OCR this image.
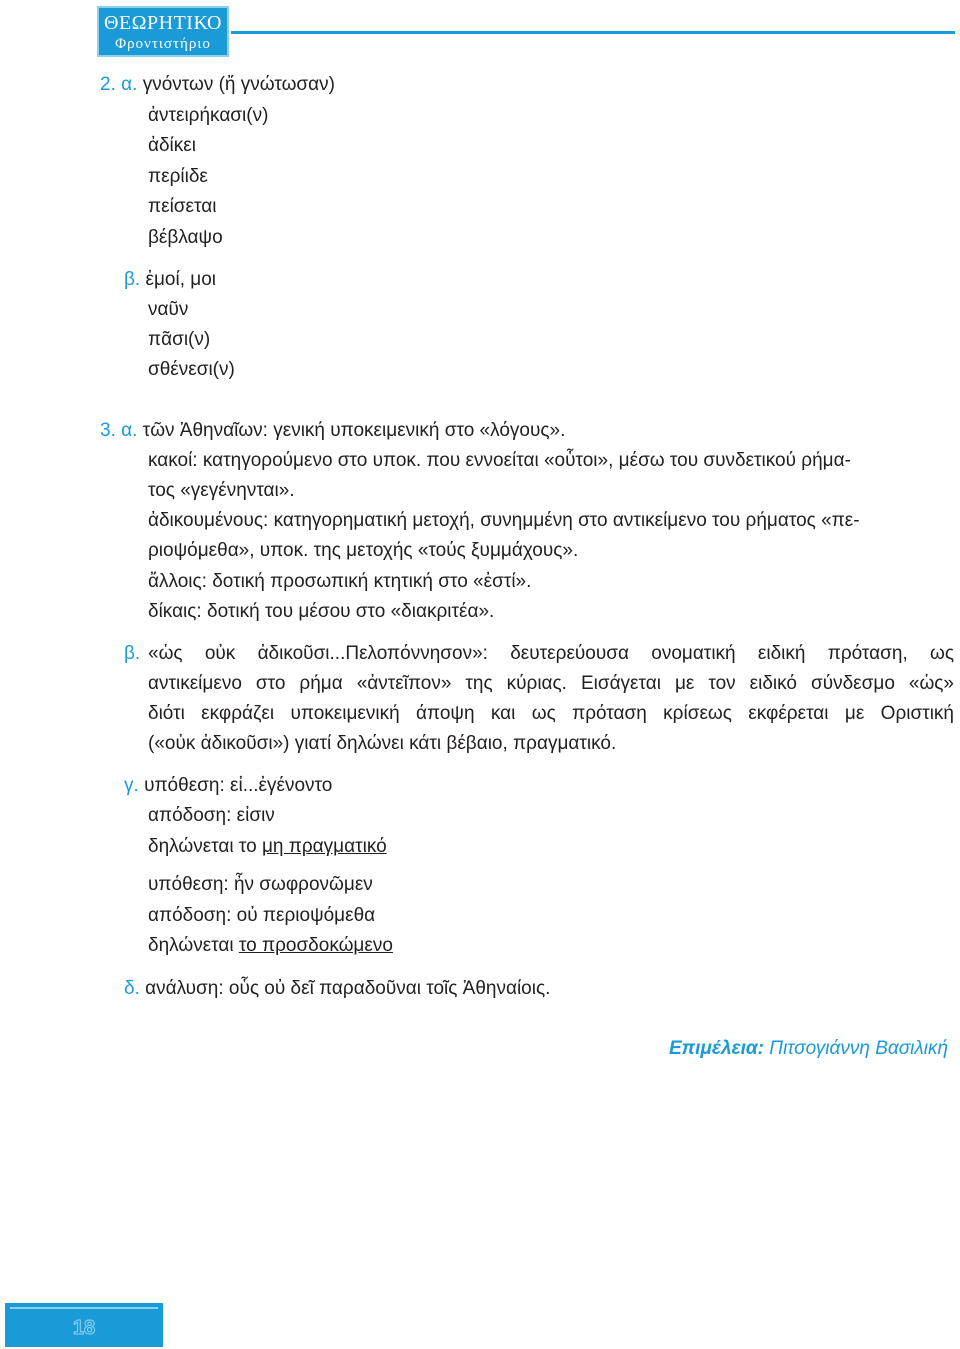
ΘΕΩΡΗΤΙΚΟ
Φροντιστήριο
2. α. γνόντων (ἤ γνώτωσαν)
ἀντειρήκασι(ν)
ἀδίκει
περίιδε
πείσεται
βέβλαψο
β. ἐμοί, μοι
ναῦν
πᾶσι(ν)
σθένεσι(ν)
3. α. τῶν Ἀθηναῖων: γενική υποκειμενική στο «λόγους».
κακοί: κατηγορούμενο στο υποκ. που εννοείται «οὗτοι», μέσω του συνδετικού ρήμα-
τος «γεγένηνται».
ἀδικουμένους: κατηγορηματική μετοχή, συνημμένη στο αντικείμενο του ρήματος «πε-
ριοψόμεθα», υποκ. της μετοχής «τούς ξυμμάχους».
ἄλλοις: δοτική προσωπική κτητική στο «ἐστί».
δίκαις: δοτική του μέσου στο «διακριτέα».
β. «ὡς οὐκ ἀδικοῦσι...Πελοπόννησον»: δευτερεύουσα ονοματική ειδική πρόταση, ως
αντικείμενο στο ρήμα «ἀντεῖπον» της κύριας. Εισάγεται με τον ειδικό σύνδεσμο «ὡς»
διότι εκφράζει υποκειμενική άποψη και ως πρόταση κρίσεως εκφέρεται με Οριστική
(«οὐκ ἀδικοῦσι») γιατί δηλώνει κάτι βέβαιο, πραγματικό.
γ. υπόθεση: εἰ...ἐγένοντο
απόδοση: εἰσιν
δηλώνεται το μη πραγματικό
υπόθεση: ἦν σωφρονῶμεν
απόδοση: οὐ περιοψόμεθα
δηλώνεται το προσδοκώμενο
δ. ανάλυση: οὗς οὐ δεῖ παραδοῦναι τοῖς Ἀθηναίοις.
Επιμέλεια: Πιτσογιάννη Βασιλική
18
